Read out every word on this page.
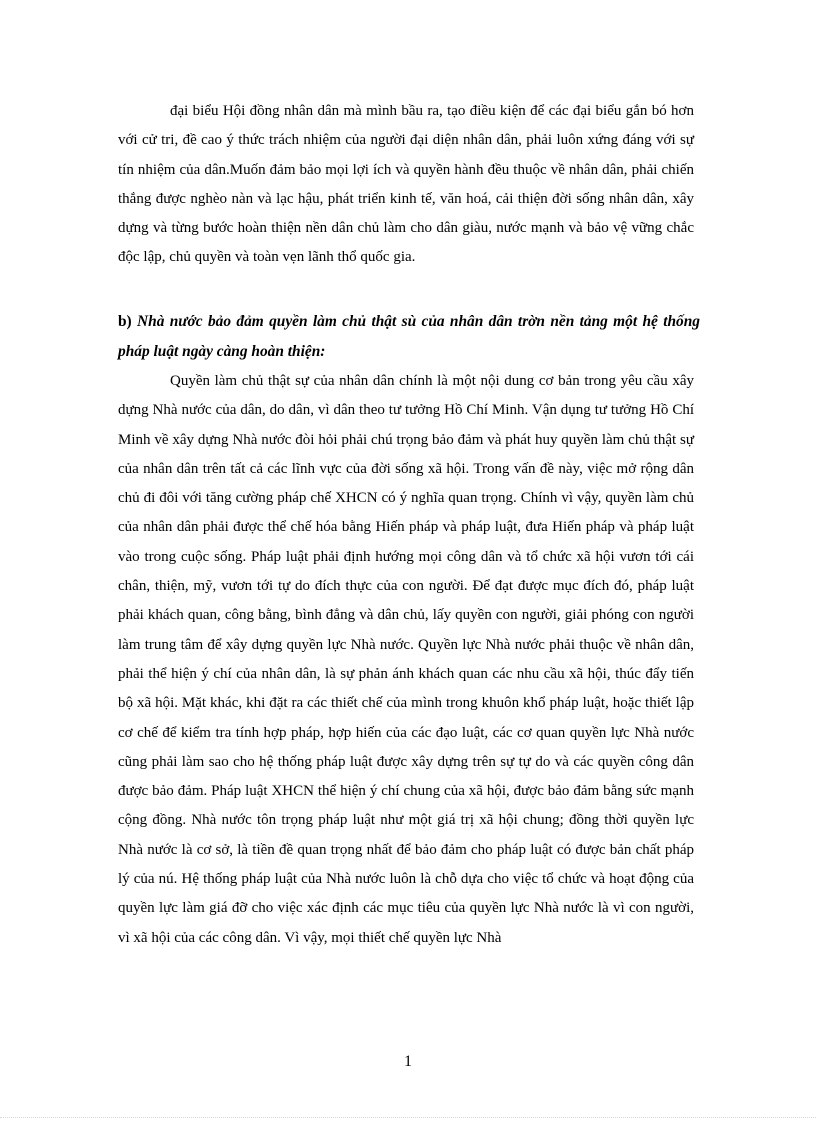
đại biểu Hội đồng nhân dân mà mình bầu ra, tạo điều kiện để các đại biểu gắn bó hơn với cử tri, đề cao ý thức trách nhiệm của người đại diện nhân dân, phải luôn xứng đáng với sự tín nhiệm của dân.Muốn đảm bảo mọi lợi ích và quyền hành đều thuộc về nhân dân, phải chiến thắng được nghèo nàn và lạc hậu, phát triển kinh tế, văn hoá, cải thiện đời sống nhân dân, xây dựng và từng bước hoàn thiện nền dân chủ làm cho dân giàu, nước mạnh và bảo vệ vững chắc độc lập, chủ quyền và toàn vẹn lãnh thổ quốc gia.
b) Nhà nước bảo đảm quyền làm chủ thật sù của nhân dân trờn nền tảng một hệ thống pháp luật ngày càng hoàn thiện:
Quyền làm chủ thật sự của nhân dân chính là một nội dung cơ bản trong yêu cầu xây dựng Nhà nước của dân, do dân, vì dân theo tư tưởng Hồ Chí Minh. Vận dụng tư tưởng Hồ Chí Minh về xây dựng Nhà nước đòi hỏi phải chú trọng bảo đảm và phát huy quyền làm chủ thật sự của nhân dân trên tất cả các lĩnh vực của đời sống xã hội. Trong vấn đề này, việc mở rộng dân chủ đi đôi với tăng cường pháp chế XHCN có ý nghĩa quan trọng. Chính vì vậy, quyền làm chủ của nhân dân phải được thể chế hóa bằng Hiến pháp và pháp luật, đưa Hiến pháp và pháp luật vào trong cuộc sống. Pháp luật phải định hướng mọi công dân và tổ chức xã hội vươn tới cái chân, thiện, mỹ, vươn tới tự do đích thực của con người. Để đạt được mục đích đó, pháp luật phải khách quan, công bằng, bình đẳng và dân chủ, lấy quyền con người, giải phóng con người làm trung tâm để xây dựng quyền lực Nhà nước. Quyền lực Nhà nước phải thuộc về nhân dân, phải thể hiện ý chí của nhân dân, là sự phản ánh khách quan các nhu cầu xã hội, thúc đẩy tiến bộ xã hội. Mặt khác, khi đặt ra các thiết chế của mình trong khuôn khổ pháp luật, hoặc thiết lập cơ chế để kiểm tra tính hợp pháp, hợp hiến của các đạo luật, các cơ quan quyền lực Nhà nước cũng phải làm sao cho hệ thống pháp luật được xây dựng trên sự tự do và các quyền công dân được bảo đảm. Pháp luật XHCN thể hiện ý chí chung của xã hội, được bảo đảm bằng sức mạnh cộng đồng. Nhà nước tôn trọng pháp luật như một giá trị xã hội chung; đồng thời quyền lực Nhà nước là cơ sở, là tiền đề quan trọng nhất để bảo đảm cho pháp luật có được bản chất pháp lý của nú. Hệ thống pháp luật của Nhà nước luôn là chỗ dựa cho việc tổ chức và hoạt động của quyền lực làm giá đỡ cho việc xác định các mục tiêu của quyền lực Nhà nước là vì con người, vì xã hội của các công dân. Vì vậy, mọi thiết chế quyền lực Nhà
1
